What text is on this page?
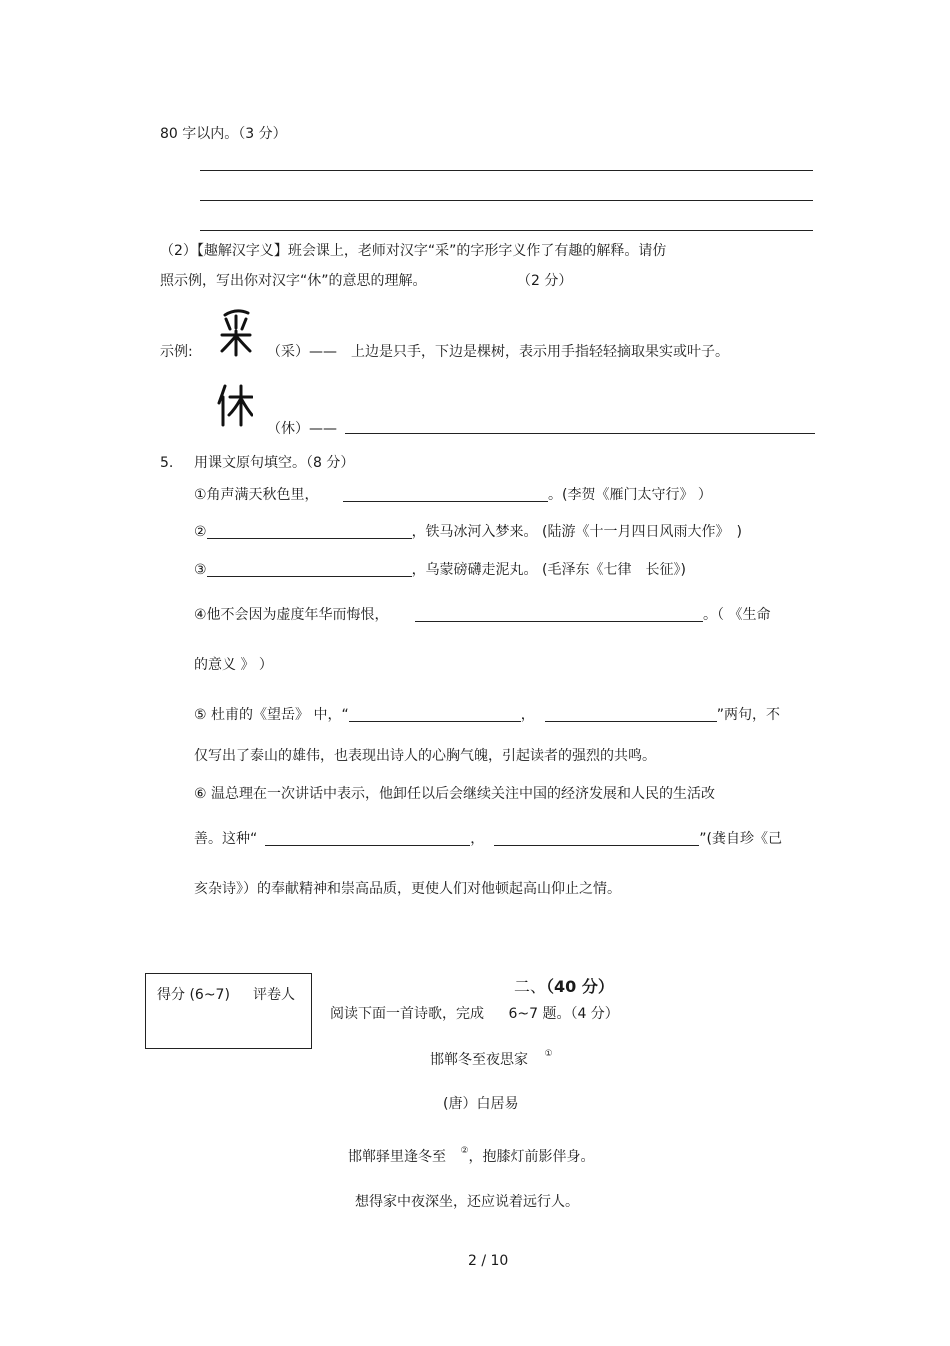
80 字以内。（3 分）
（2）【趣解汉字义】班会课上，老师对汉字“采”的字形字义作了有趣的解释。请仿
照示例，写出你对汉字“休”的意思的理解。	（2 分）
示例:	（采）——　上边是只手，下边是棵树，表示用手指轻轻摘取果实或叶子。
（休）——
5. 用课文原句填空。（8 分）
①角声满天秋色里，	。(李贺《雁门太守行》 ）
②	，铁马冰河入梦来。 (陆游《十一月四日风雨大作》　)
③	，乌蒙磅礴走泥丸。 (毛泽东《七律　长征》)
④他不会因为虚度年华而悔恨，	。（ 《生命
的意义 》 ）
⑤ 杜甫的《望岳》 中，“	，	”两句，不
仅写出了泰山的雄伟，也表现出诗人的心胸气魄，引起读者的强烈的共鸣。
⑥ 温总理在一次讲话中表示，他卸任以后会继续关注中国的经济发展和人民的生活改
善。这种“	，	”(龚自珍《己
亥杂诗》）的奉献精神和崇高品质，更使人们对他顿起高山仰止之情。
得分 (6~7) 评卷人	二、（40 分）
阅读下面一首诗歌，完成 6~7 题。（4 分）
邯郸冬至夜思家 ①
(唐）白居易
邯郸驿里逢冬至 ②，抱膝灯前影伴身。
想得家中夜深坐，还应说着远行人。
2 / 10
